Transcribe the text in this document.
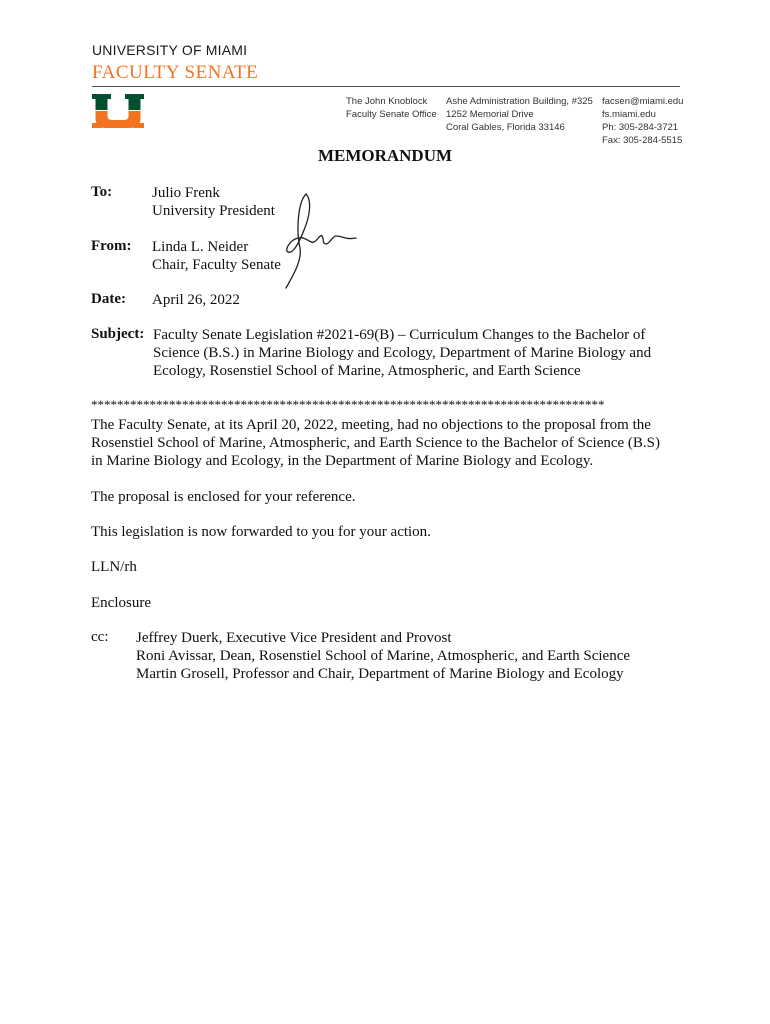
UNIVERSITY OF MIAMI
FACULTY SENATE
The John Knoblock
Faculty Senate Office
Ashe Administration Building, #325
1252 Memorial Drive
Coral Gables, Florida 33146
facsen@miami.edu
fs.miami.edu
Ph: 305-284-3721
Fax: 305-284-5515
MEMORANDUM
To:	Julio Frenk
University President
From: Linda L. Neider
Chair, Faculty Senate
Date: April 26, 2022
Subject: Faculty Senate Legislation #2021-69(B) – Curriculum Changes to the Bachelor of
Science (B.S.) in Marine Biology and Ecology, Department of Marine Biology and
Ecology, Rosenstiel School of Marine, Atmospheric, and Earth Science
*******************************************************************************
The Faculty Senate, at its April 20, 2022, meeting, had no objections to the proposal from the
Rosenstiel School of Marine, Atmospheric, and Earth Science to the Bachelor of Science (B.S)
in Marine Biology and Ecology, in the Department of Marine Biology and Ecology.
The proposal is enclosed for your reference.
This legislation is now forwarded to you for your action.
LLN/rh
Enclosure
cc: Jeffrey Duerk, Executive Vice President and Provost
Roni Avissar, Dean, Rosenstiel School of Marine, Atmospheric, and Earth Science
Martin Grosell, Professor and Chair, Department of Marine Biology and Ecology
